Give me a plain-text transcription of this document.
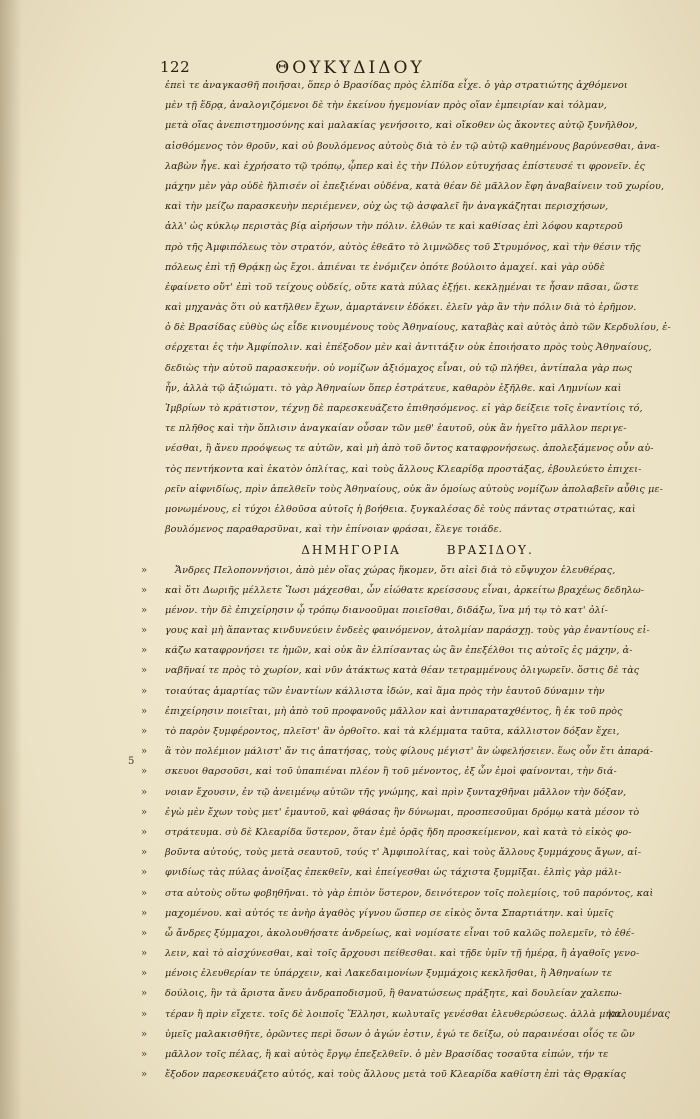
122	ΘΟΥΚΥΔΙΔΟΥ
ἐπεὶ τε ἀναγκασθῆ ποιῆσαι, ὅπερ ὁ Βρασίδας πρὸς ἐλπίδα εἶχε. ὁ γὰρ στρατιώτης ἀχθόμενοι
μὲν τῇ ἕδρᾳ, ἀναλογιζόμενοι δὲ τὴν ἐκείνου ἡγεμονίαν πρὸς οἵαν ἐμπειρίαν καὶ τόλμαν,
μετὰ οἵας ἀνεπιστημοσύνης καὶ μαλακίας γενήσοιτο, καὶ οἴκοθεν ὡς ἄκοντες αὐτῷ ξυνῆλθον,
αἰσθόμενος τὸν θροῦν, καὶ οὐ βουλόμενος αὐτοὺς διὰ τὸ ἐν τῷ αὐτῷ καθημένους βαρύνεσθαι, ἀνα-
λαβὼν ἦγε. καὶ ἐχρήσατο τῷ τρόπῳ, ᾧπερ καὶ ἐς τὴν Πύλον εὐτυχήσας ἐπίστευσέ τι φρονεῖν. ἐς
μάχην μὲν γὰρ οὐδὲ ἤλπισέν οἱ ἐπεξιέναι οὐδένα, κατὰ θέαν δὲ μᾶλλον ἔφη ἀναβαίνειν τοῦ χωρίου,
καὶ τὴν μείζω παρασκευὴν περιέμενεν, οὐχ ὡς τῷ ἀσφαλεῖ ἢν ἀναγκάζηται περισχήσων,
ἀλλ' ὡς κύκλῳ περιστὰς βίᾳ αἱρήσων τὴν πόλιν. ἐλθών τε καὶ καθίσας ἐπὶ λόφου καρτεροῦ
πρὸ τῆς Ἀμφιπόλεως τὸν στρατόν, αὐτὸς ἐθεᾶτο τὸ λιμνῶδες τοῦ Στρυμόνος, καὶ τὴν θέσιν τῆς
πόλεως ἐπὶ τῇ Θρᾴκῃ ὡς ἔχοι. ἀπιέναι τε ἐνόμιζεν ὁπότε βούλοιτο ἀμαχεί. καὶ γὰρ οὐδὲ
ἐφαίνετο οὔτ' ἐπὶ τοῦ τείχους οὐδείς, οὔτε κατὰ πύλας ἐξῄει. κεκλῃμέναι τε ἦσαν πᾶσαι, ὥστε
καὶ μηχανὰς ὅτι οὐ κατῆλθεν ἔχων, ἁμαρτάνειν ἐδόκει. ἑλεῖν γὰρ ἂν τὴν πόλιν διὰ τὸ ἐρῆμον.
ὁ δὲ Βρασίδας εὐθὺς ὡς εἶδε κινουμένους τοὺς Ἀθηναίους, καταβὰς καὶ αὐτὸς ἀπὸ τῶν Κερδυλίου, ἐ-
σέρχεται ἐς τὴν Ἀμφίπολιν. καὶ ἐπέξοδον μὲν καὶ ἀντιτάξιν οὐκ ἐποιήσατο πρὸς τοὺς Ἀθηναίους,
δεδιὼς τὴν αὐτοῦ παρασκευήν. οὐ νομίζων ἀξιόμαχος εἶναι, οὐ τῷ πλήθει, ἀντίπαλα γὰρ πως
ἦν, ἀλλὰ τῷ ἀξιώματι. τὸ γὰρ Ἀθηναίων ὅπερ ἐστράτευε, καθαρὸν ἐξῆλθε. καὶ Λημνίων καὶ
Ἰμβρίων τὸ κράτιστον, τέχνῃ δὲ παρεσκευάζετο ἐπιθησόμενος. εἰ γὰρ δείξειε τοῖς ἐναντίοις τό,
τε πλῆθος καὶ τὴν ὅπλισιν ἀναγκαίαν οὖσαν τῶν μεθ' ἑαυτοῦ, οὐκ ἂν ἡγεῖτο μᾶλλον περιγε-
νέσθαι, ἢ ἄνευ προόψεως τε αὐτῶν, καὶ μὴ ἀπὸ τοῦ ὄντος καταφρονήσεως. ἀπολεξάμενος οὖν αὐ-
τὸς πεντήκοντα καὶ ἑκατὸν ὁπλίτας, καὶ τοὺς ἄλλους Κλεαρίδᾳ προστάξας, ἐβουλεύετο ἐπιχει-
ρεῖν αἰφνιδίως, πρὶν ἀπελθεῖν τοὺς Ἀθηναίους, οὐκ ἂν ὁμοίως αὐτοὺς νομίζων ἀπολαβεῖν αὖθις με-
μονωμένους, εἰ τύχοι ἐλθοῦσα αὐτοῖς ἡ βοήθεια. ξυγκαλέσας δὲ τοὺς πάντας στρατιώτας, καὶ
βουλόμενος παραθαρσῦναι, καὶ τὴν ἐπίνοιαν φράσαι, ἔλεγε τοιάδε.
ΔΗΜΗΓΟΡΙΑ	ΒΡΑΣΙΔΟΥ.
»	Ἄνδρες Πελοποννήσιοι, ἀπὸ μὲν οἵας χώρας ἥκομεν, ὅτι αἰεὶ διὰ τὸ εὔψυχον ἐλευθέρας,
» καὶ ὅτι Δωριῆς μέλλετε Ἴωσι μάχεσθαι, ὧν εἰώθατε κρείσσους εἶναι, ἀρκείτω βραχέως δεδηλω-
» μένον. τὴν δὲ ἐπιχείρησιν ᾧ τρόπῳ διανοοῦμαι ποιεῖσθαι, διδάξω, ἵνα μή τῳ τὸ κατ' ὀλί-
» γους καὶ μὴ ἅπαντας κινδυνεύειν ἐνδεὲς φαινόμενον, ἀτολμίαν παράσχῃ. τοὺς γὰρ ἐναντίους εἰ-
» κάζω καταφρονήσει τε ἡμῶν, καὶ οὐκ ἂν ἐλπίσαντας ὡς ἂν ἐπεξέλθοι τις αὐτοῖς ἐς μάχην, ἀ-
» ναβῆναί τε πρὸς τὸ χωρίον, καὶ νῦν ἀτάκτως κατὰ θέαν τετραμμένους ὀλιγωρεῖν. ὅστις δὲ τὰς
» τοιαύτας ἁμαρτίας τῶν ἐναντίων κάλλιστα ἰδών, καὶ ἅμα πρὸς τὴν ἑαυτοῦ δύναμιν τὴν
» ἐπιχείρησιν ποιεῖται, μὴ ἀπὸ τοῦ προφανοῦς μᾶλλον καὶ ἀντιπαραταχθέντος, ἢ ἐκ τοῦ πρὸς
» τὸ παρὸν ξυμφέροντος, πλεῖστ' ἂν ὀρθοῖτο. καὶ τὰ κλέμματα ταῦτα, κάλλιστον δόξαν ἔχει,
» ἃ τὸν πολέμιον μάλιστ' ἄν τις ἀπατήσας, τοὺς φίλους μέγιστ' ἂν ὠφελήσειεν. ἕως οὖν ἔτι ἀπαρά-
» σκευοι θαρσοῦσι, καὶ τοῦ ὑπαπιέναι πλέον ἢ τοῦ μένοντος, ἐξ ὧν ἐμοὶ φαίνονται, τὴν διά-
» νοιαν ἔχουσιν, ἐν τῷ ἀνειμένῳ αὐτῶν τῆς γνώμης, καὶ πρὶν ξυνταχθῆναι μᾶλλον τὴν δόξαν,
» ἐγὼ μὲν ἔχων τοὺς μετ' ἐμαυτοῦ, καὶ φθάσας ἢν δύνωμαι, προσπεσοῦμαι δρόμῳ κατὰ μέσον τὸ
» στράτευμα. σὺ δὲ Κλεαρίδα ὕστερον, ὅταν ἐμὲ ὁρᾷς ἤδη προσκείμενον, καὶ κατὰ τὸ εἰκὸς φο-
» βοῦντα αὐτούς, τοὺς μετὰ σεαυτοῦ, τούς τ' Ἀμφιπολίτας, καὶ τοὺς ἄλλους ξυμμάχους ἄγων, αἰ-
» φνιδίως τὰς πύλας ἀνοίξας ἐπεκθεῖν, καὶ ἐπείγεσθαι ὡς τάχιστα ξυμμῖξαι. ἐλπὶς γὰρ μάλι-
» στα αὐτοὺς οὕτω φοβηθῆναι. τὸ γὰρ ἐπιὸν ὕστερον, δεινότερον τοῖς πολεμίοις, τοῦ παρόντος, καὶ
» μαχομένου. καὶ αὐτός τε ἀνὴρ ἀγαθὸς γίγνου ὥσπερ σε εἰκὸς ὄντα Σπαρτιάτην. καὶ ὑμεῖς
» ὦ ἄνδρες ξύμμαχοι, ἀκολουθήσατε ἀνδρείως, καὶ νομίσατε εἶναι τοῦ καλῶς πολεμεῖν, τὸ ἐθέ-
» λειν, καὶ τὸ αἰσχύνεσθαι, καὶ τοῖς ἄρχουσι πείθεσθαι. καὶ τῇδε ὑμῖν τῇ ἡμέρᾳ, ἢ ἀγαθοῖς γενο-
» μένοις ἐλευθερίαν τε ὑπάρχειν, καὶ Λακεδαιμονίων ξυμμάχοις κεκλῆσθαι, ἢ Ἀθηναίων τε
» δούλοις, ἢν τὰ ἄριστα ἄνευ ἀνδραποδισμοῦ, ἢ θανατώσεως πράξητε, καὶ δουλείαν χαλεπω-
» τέραν ἢ πρὶν εἴχετε. τοῖς δὲ λοιποῖς Ἕλλησι, κωλυταῖς γενέσθαι ἐλευθερώσεως. ἀλλὰ μήτε
» ὑμεῖς μαλακισθῆτε, ὁρῶντες περὶ ὅσων ὁ ἀγών ἐστιν, ἐγώ τε δείξω, οὐ παραινέσαι οἷός τε ὢν
» μᾶλλον τοῖς πέλας, ἢ καὶ αὐτὸς ἔργῳ ἐπεξελθεῖν. ὁ μὲν Βρασίδας τοσαῦτα εἰπών, τήν τε
» ἔξοδον παρεσκευάζετο αὐτός, καὶ τοὺς ἄλλους μετὰ τοῦ Κλεαρίδα καθίστη ἐπὶ τὰς Θρᾳκίας
5
καλουμένας
